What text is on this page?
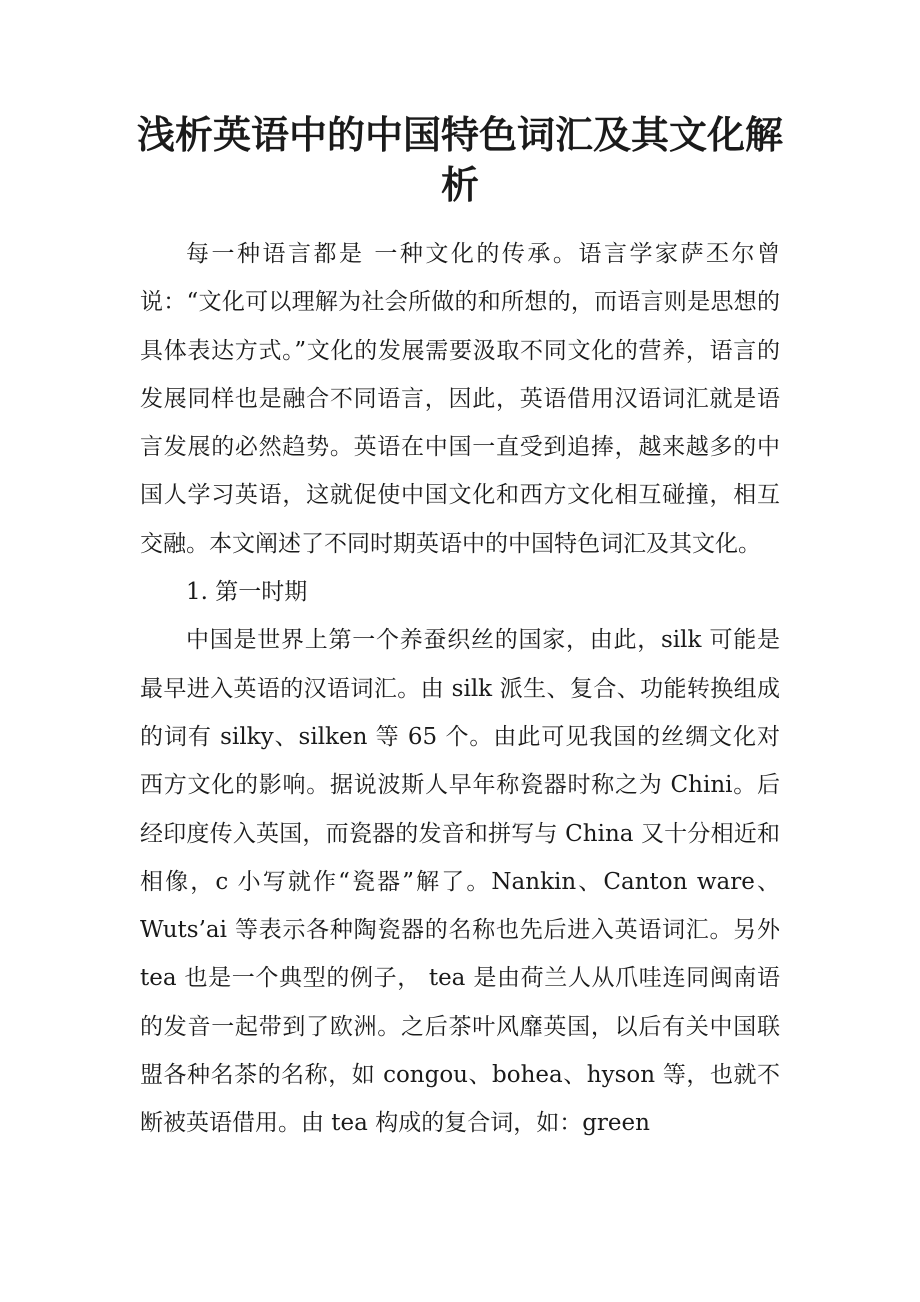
浅析英语中的中国特色词汇及其文化解析

每一种语言都是 一种文化的传承。语言学家萨丕尔曾说：“文化可以理解为社会所做的和所想的，而语言则是思想的具体表达方式。”文化的发展需要汲取不同文化的营养，语言的发展同样也是融合不同语言，因此，英语借用汉语词汇就是语言发展的必然趋势。英语在中国一直受到追捧，越来越多的中国人学习英语，这就促使中国文化和西方文化相互碰撞，相互交融。本文阐述了不同时期英语中的中国特色词汇及其文化。

1. 第一时期

中国是世界上第一个养蚕织丝的国家，由此，silk 可能是最早进入英语的汉语词汇。由 silk 派生、复合、功能转换组成的词有 silky、silken 等 65 个。由此可见我国的丝绸文化对西方文化的影响。据说波斯人早年称瓷器时称之为 Chini。后经印度传入英国，而瓷器的发音和拼写与 China 又十分相近和相像，c 小写就作“瓷器”解了。Nankin、Canton ware、Wuts’ai 等表示各种陶瓷器的名称也先后进入英语词汇。另外 tea 也是一个典型的例子， tea 是由荷兰人从爪哇连同闽南语的发音一起带到了欧洲。之后茶叶风靡英国，以后有关中国联盟各种名茶的名称，如 congou、bohea、hyson 等，也就不断被英语借用。由 tea 构成的复合词，如：green
